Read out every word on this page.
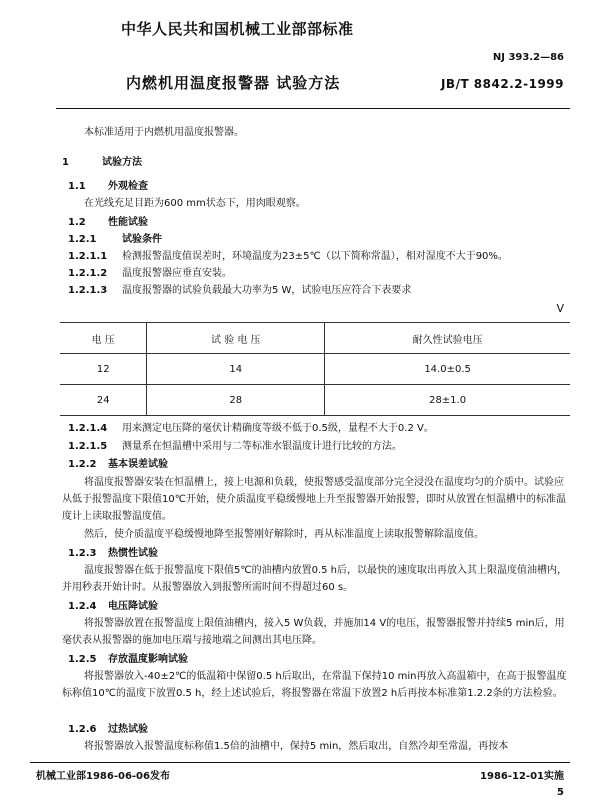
中华人民共和国机械工业部部标准
NJ 393.2—86
内燃机用温度报警器 试验方法	JB/T 8842.2-1999
本标准适用于内燃机用温度报警器。
1	试验方法
1.1 外观检查
在光线充足目距为600 mm状态下，用肉眼观察。
1.2 性能试验
1.2.1	试验条件
1.2.1.1 检测报警温度值误差时，环境温度为23±5℃（以下简称常温），相对湿度不大于90%。
1.2.1.2 温度报警器应垂直安装。
1.2.1.3 温度报警器的试验负载最大功率为5 W，试验电压应符合下表要求
V
电 压	试 验 电 压	耐久性试验电压
12	14	14.0±0.5
24	28	28±1.0
1.2.1.4 用来测定电压降的毫伏计精确度等级不低于0.5级，量程不大于0.2 V。
1.2.1.5 测量系在恒温槽中采用与二等标准水银温度计进行比较的方法。
1.2.2 基本误差试验
将温度报警器安装在恒温槽上，接上电源和负载，使报警感受温度部分完全浸没在温度均匀的介质中。试验应从低于报警温度下限值10℃开始，使介质温度平稳缓慢地上升至报警器开始报警，即时从放置在恒温槽中的标准温度计上读取报警温度值。
然后，使介质温度平稳缓慢地降至报警刚好解除时，再从标准温度上读取报警解除温度值。
1.2.3 热惯性试验
温度报警器在低于报警温度下限值5℃的油槽内放置0.5 h后，以最快的速度取出再放入其上限温度值油槽内，并用秒表开始计时。从报警器放入到报警所需时间不得超过60 s。
1.2.4 电压降试验
将报警器放置在报警温度上限值油槽内，接入5 W负载，并施加14 V的电压，报警器报警并持续5 min后，用毫伏表从报警器的施加电压端与接地端之间测出其电压降。
1.2.5 存放温度影响试验
将报警器放入-40±2℃的低温箱中保留0.5 h后取出，在常温下保持10 min再放入高温箱中，在高于报警温度标称值10℃的温度下放置0.5 h，经上述试验后，将报警器在常温下放置2 h后再按本标准第1.2.2条的方法检验。
1.2.6 过热试验
将报警器放入报警温度标称值1.5倍的油槽中，保持5 min，然后取出，自然冷却至常温，再按本
机械工业部1986-06-06发布	1986-12-01实施
5
